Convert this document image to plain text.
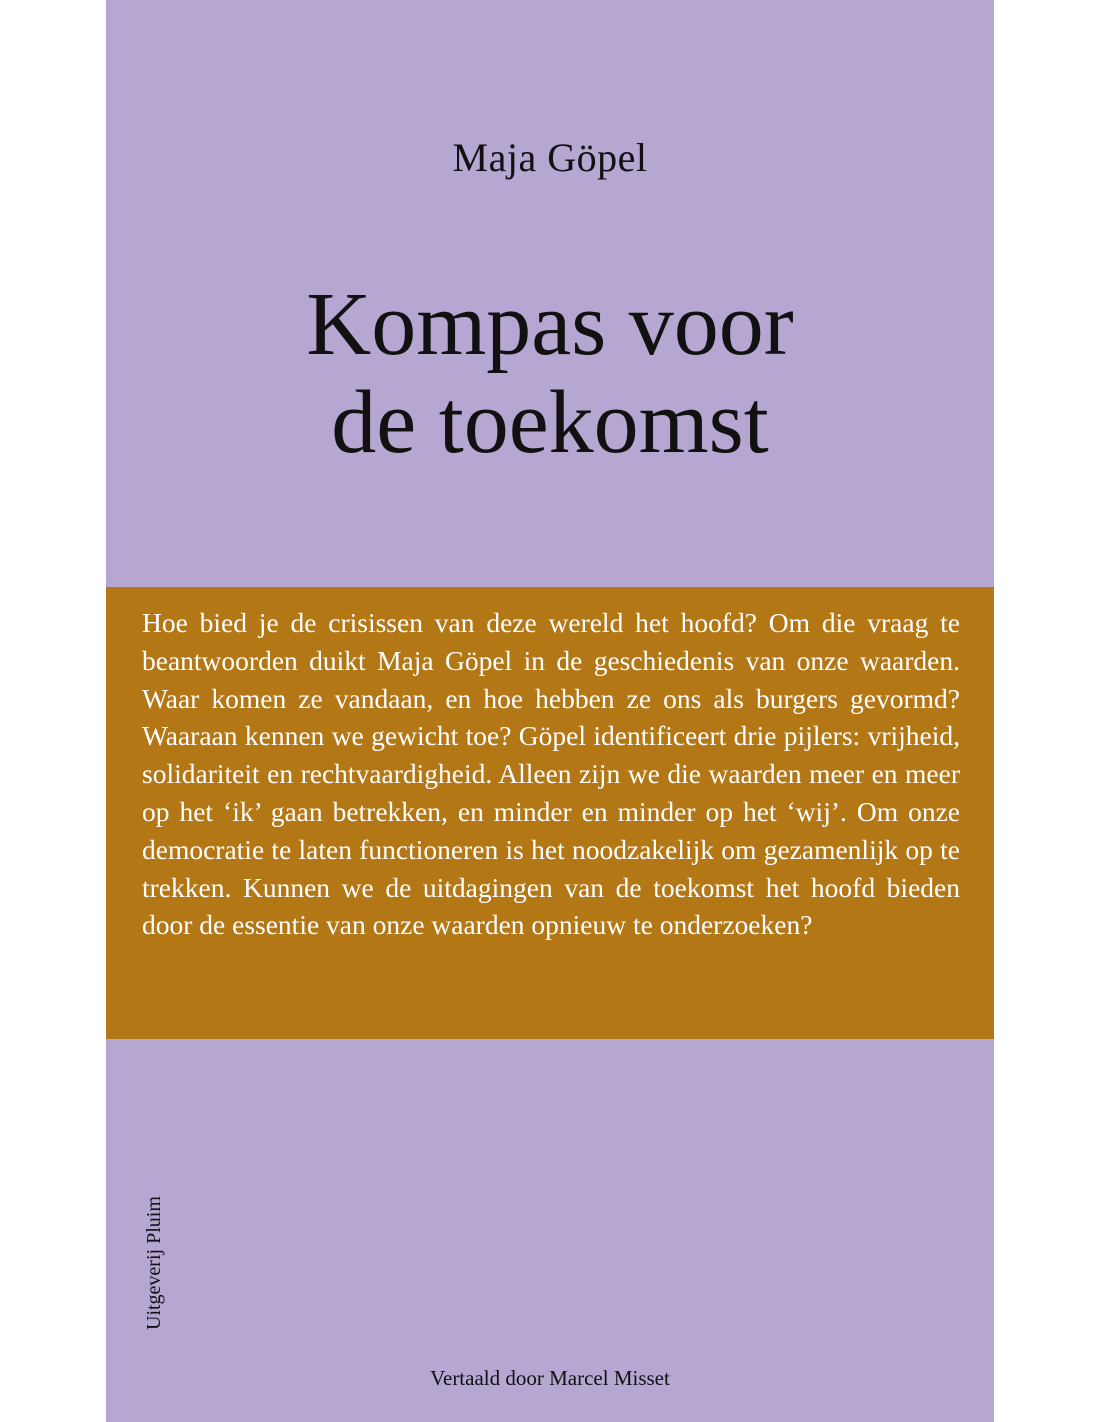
Maja Göpel
Kompas voor
de toekomst

Hoe bied je de crisissen van deze wereld het hoofd? Om die vraag te beantwoorden duikt Maja Göpel in de geschiedenis van onze waarden. Waar komen ze vandaan, en hoe hebben ze ons als burgers gevormd? Waaraan kennen we gewicht toe? Göpel identificeert drie pijlers: vrijheid, solidariteit en rechtvaardigheid. Alleen zijn we die waarden meer en meer op het ‘ik’ gaan betrekken, en minder en minder op het ‘wij’. Om onze democratie te laten functioneren is het noodzakelijk om gezamenlijk op te trekken. Kunnen we de uitdagingen van de toekomst het hoofd bieden door de essentie van onze waarden opnieuw te onderzoeken?

Uitgeverij Pluim
Vertaald door Marcel Misset
